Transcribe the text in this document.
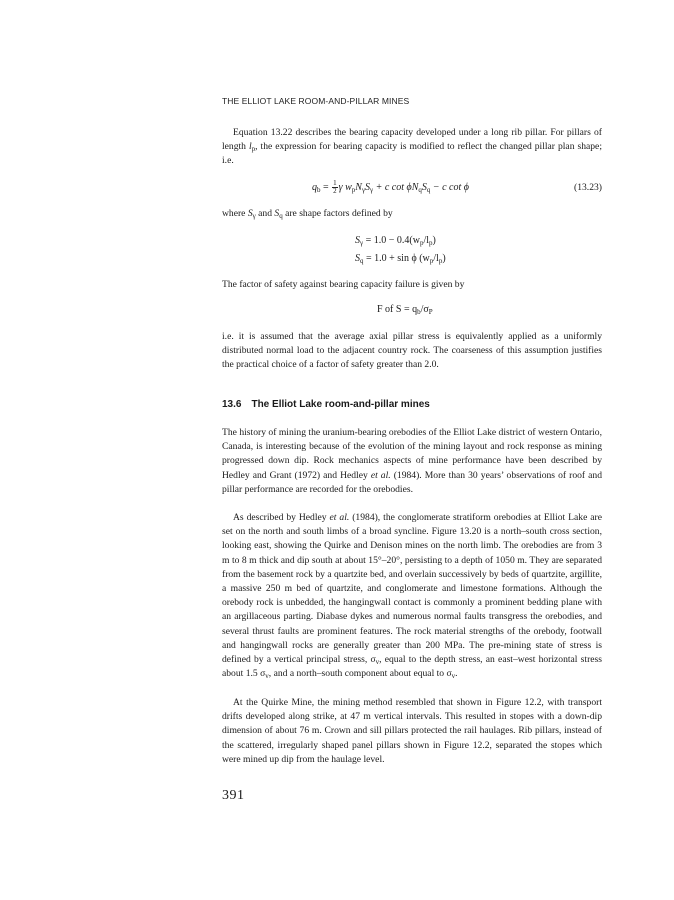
THE ELLIOT LAKE ROOM-AND-PILLAR MINES
Equation 13.22 describes the bearing capacity developed under a long rib pillar. For pillars of length $l_p$, the expression for bearing capacity is modified to reflect the changed pillar plan shape; i.e.
$q_b = \frac{1}{2}$ γ $w_pN_\gamma S_\gamma + c$ $\cot \phi N_qS_q - c$ cot ϕ	(13.23)
where $S_\gamma$ and $S_q$ are shape factors defined by
$S_\gamma = 1.0 - 0.4(w_p/l_p)$
$S_q = 1.0 + \sin \phi$ $(w_p/l_p)$
The factor of safety against bearing capacity failure is given by
F of $S = q_b/\sigma_P$
i.e. it is assumed that the average axial pillar stress is equivalently applied as a uniformly distributed normal load to the adjacent country rock. The coarseness of this assumption justifies the practical choice of a factor of safety greater than 2.0.
13.6 The Elliot Lake room-and-pillar mines
The history of mining the uranium-bearing orebodies of the Elliot Lake district of western Ontario, Canada, is interesting because of the evolution of the mining layout and rock response as mining progressed down dip. Rock mechanics aspects of mine performance have been described by Hedley and Grant (1972) and Hedley et al. (1984). More than 30 years’ observations of roof and pillar performance are recorded for the orebodies.
As described by Hedley et al. (1984), the conglomerate stratiform orebodies at Elliot Lake are set on the north and south limbs of a broad syncline. Figure 13.20 is a north–south cross section, looking east, showing the Quirke and Denison mines on the north limb. The orebodies are from 3 m to 8 m thick and dip south at about 15°–20°, persisting to a depth of 1050 m. They are separated from the basement rock by a quartzite bed, and overlain successively by beds of quartzite, argillite, a massive 250 m bed of quartzite, and conglomerate and limestone formations. Although the orebody rock is unbedded, the hangingwall contact is commonly a prominent bedding plane with an argillaceous parting. Diabase dykes and numerous normal faults transgress the orebodies, and several thrust faults are prominent features. The rock material strengths of the orebody, footwall and hangingwall rocks are generally greater than 200 MPa. The pre-mining state of stress is defined by a vertical principal stress, $\sigma_v$, equal to the depth stress, an east–west horizontal stress about 1.5 $\sigma_v$, and a north–south component about equal to $\sigma_v$.
At the Quirke Mine, the mining method resembled that shown in Figure 12.2, with transport drifts developed along strike, at 47 m vertical intervals. This resulted in stopes with a down-dip dimension of about 76 m. Crown and sill pillars protected the rail haulages. Rib pillars, instead of the scattered, irregularly shaped panel pillars shown in Figure 12.2, separated the stopes which were mined up dip from the haulage level.
391
